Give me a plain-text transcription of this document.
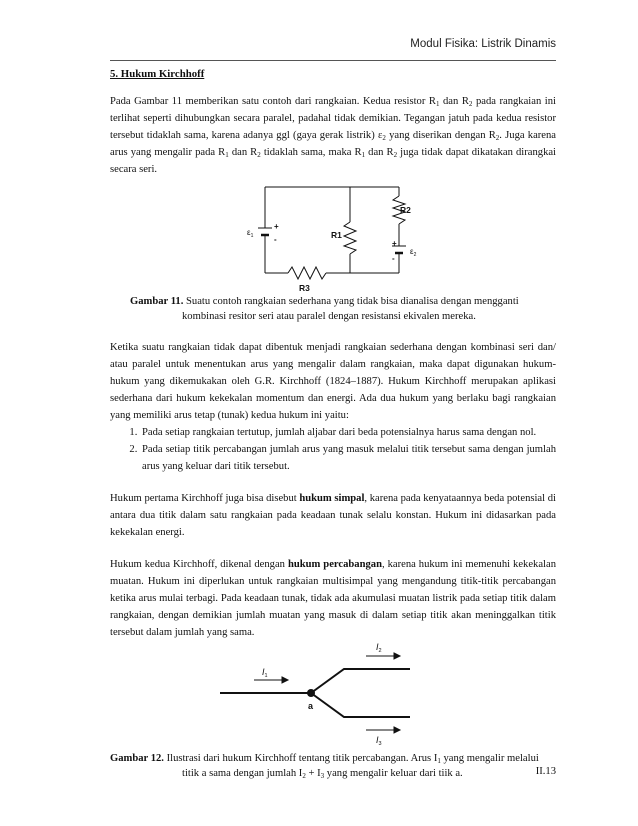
Modul Fisika: Listrik Dinamis
5. Hukum Kirchhoff

Pada Gambar 11 memberikan satu contoh dari rangkaian. Kedua resistor $R_1$ dan $R_2$ pada rangkaian ini terlihat seperti dihubungkan secara paralel, padahal tidak demikian. Tegangan jatuh pada kedua resistor tersebut tidaklah sama, karena adanya ggl (gaya gerak listrik) $\varepsilon_2$ yang diserikan dengan $R_2$. Juga karena arus yang mengalir pada $R_1$ dan $R_2$ tidaklah sama, maka $R_1$ dan $R_2$ juga tidak dapat dikatakan dirangkai secara seri.

+
-
$\varepsilon_1$	R1
R2
R3
+
-
$\varepsilon_2$
Gambar 11. Suatu contoh rangkaian sederhana yang tidak bisa dianalisa dengan mengganti
kombinasi resitor seri atau paralel dengan resistansi ekivalen mereka.

Ketika suatu rangkaian tidak dapat dibentuk menjadi rangkaian sederhana dengan kombinasi seri dan/ atau paralel untuk menentukan arus yang mengalir dalam rangkaian, maka dapat digunakan hukum-hukum yang dikemukakan oleh G.R. Kirchhoff (1824–1887). Hukum Kirchhoff merupakan aplikasi sederhana dari hukum kekekalan momentum dan energi. Ada dua hukum yang berlaku bagi rangkaian yang memiliki arus tetap (tunak) kedua hukum ini yaitu:

1. Pada setiap rangkaian tertutup, jumlah aljabar dari beda potensialnya harus sama dengan nol.
2. Pada setiap titik percabangan jumlah arus yang masuk melalui titik tersebut sama dengan jumlah arus yang keluar dari titik tersebut.

Hukum pertama Kirchhoff juga bisa disebut hukum simpal, karena pada kenyataannya beda potensial di antara dua titik dalam satu rangkaian pada keadaan tunak selalu konstan. Hukum ini didasarkan pada kekekalan energi.

Hukum kedua Kirchhoff, dikenal dengan hukum percabangan, karena hukum ini memenuhi kekekalan muatan. Hukum ini diperlukan untuk rangkaian multisimpal yang mengandung titik-titik percabangan ketika arus mulai terbagi. Pada keadaan tunak, tidak ada akumulasi muatan listrik pada setiap titik dalam rangkaian, dengan demikian jumlah muatan yang masuk di dalam setiap titik akan meninggalkan titik tersebut dalam jumlah yang sama.

$I_1$
$I_2$
$I_3$
a
Gambar 12. Ilustrasi dari hukum Kirchhoff tentang titik percabangan. Arus $I_1$ yang mengalir melalui
titik a sama dengan jumlah $I_2 + I_3$ yang mengalir keluar dari tiik a.	II.13
